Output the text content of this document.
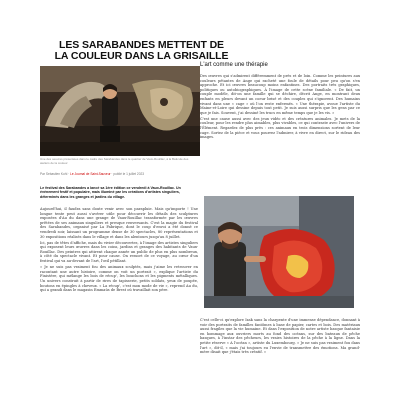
LES SARABANDES METTENT DE LA COULEUR DANS LA GRISAILLE
Une des oeuvres présentées dans le cadre des Sarabandes dans le quartier de Vaux-Rouillac, à la Baticule des ateliers de la couleur
Par Sebastien Kohl · Le Journal de Saint-Sauveur · publié le 1 juillet 2023
Le festival des Sarabandes a lancé sa 1ère édition ce vendredi à Vaux-Rouillac. Un événement festif et populaire, mais illuminé par les créations d'artistes singuliers, déterminés dans les granges et jardins du village.

Aujourd'hui, il faudra sans doute venir avec son parapluie. Mais qu'importe ! Une longue tente peut aussi s'avérer utile pour découvrir les détails des sculptures exposées d'Au du dans une grange de Vaux-Rouillac transformée par les œuvres prêtées de ses animaux singuliers et presque renversants. C'est la magie du festival des Sarabandes, organisé par La Fabrique, dont le coup d'envoi a été donné ce vendredi soir, laissant un programme dense de 30 spectacles, 80 représentations et 30 expositions réalisés dans le village et dans les alentours jusqu'au 8 juillet.

Ici, pas de têtes d'affiche, mais du vivier découvertes, à l'image des artistes singuliers qui exposent leurs œuvres dans les coins, jardins et granges des habitants de Vaux-Rouillac. Des peintres qui attirent chaque année un public de plus en plus nombreux, à côté du spectacle vivant. Et pour cause. On ressort de ce voyage, au cœur d'un festival qui va au-devant de l'art, l'œil pétillant.

« Je ne suis pas vraiment fou des animaux sculptés, mais j'aime les retrouver en racontant une autre histoire, comme on voit un portrait », explique l'artiste du Finistère, qui mélange les bois de récup', les bouchons et les pigments métalliques. Un univers construit à partir de rires de tapisserie, petits soldats, yeux de poupée, boutons en épingles à cheveux. « La récup', c'est mon mode de vie », reprend Au du, qui a grandi dans le magasin Emmaüs de Brest où travaillait son père.

L'art comme une thérapie

Des œuvres qui s'admirent différemment de près et de loin. Comme les peintures aux couleurs pétantes de Ange qui racheté une foule de détails pour peu qu'on s'en approche. Et ici œuvres beaucoup moins enfantines. Des portraits très graphiques, politiques ou autobiographiques. À l'image de cette scène familiale. « De fait, un couple modèle, dit-on une famille qui se déchire, décrit Ange, en montrant deux enfants en pleurs devant un coeur brisé et des couples qui s'ignorent. Des humains vivant dans une « cage » où l'on reste enfermés. « Une thérapie, avoue l'artiste du Maine-et-Loire qui dessine depuis tout petit. Je suis aussi surpris que les gens par ce que je fais. Souvent, j'ai dessiné les trucs en même temps que je les vis. »

C'est une cause aussi avec des jeux vidéo et des créatures animales. Je mets de la couleur, pour les rendre plus aimables, plus vivables, ce qui contraste avec l'univers de l'Élément. Regardez de plus près : ces animaux en trois dimensions sortent de leur cage. Sortez de la pièce et vous pourrez l'admirer, à vivre en direct, sur le rideau des images.

C'est celle-ci qu'explore Izak sans la charpente d'une immense dépendance, donnant à voir des portraits de familles fantômes à base de papier, cartes et bois. Des matériaux aussi fragiles que la vie humaine. Et dans l'exposition de notre artiste basque fantaisie en hommage aux ouvriers morts au fond des océans, sur des bateaux de pêche basques, à l'instar des pêcheurs, les vraies histoires de la pêche à la ligne. Dans la petite réserve « A l'océan », artiste du Luxembourg. « Je ne suis pas vraiment fou dans l'art », dit-il, « mais j'ai toujours eu l'envie de transmettre des émotions. Ma grand-mère disait que j'étais très créatif. »
